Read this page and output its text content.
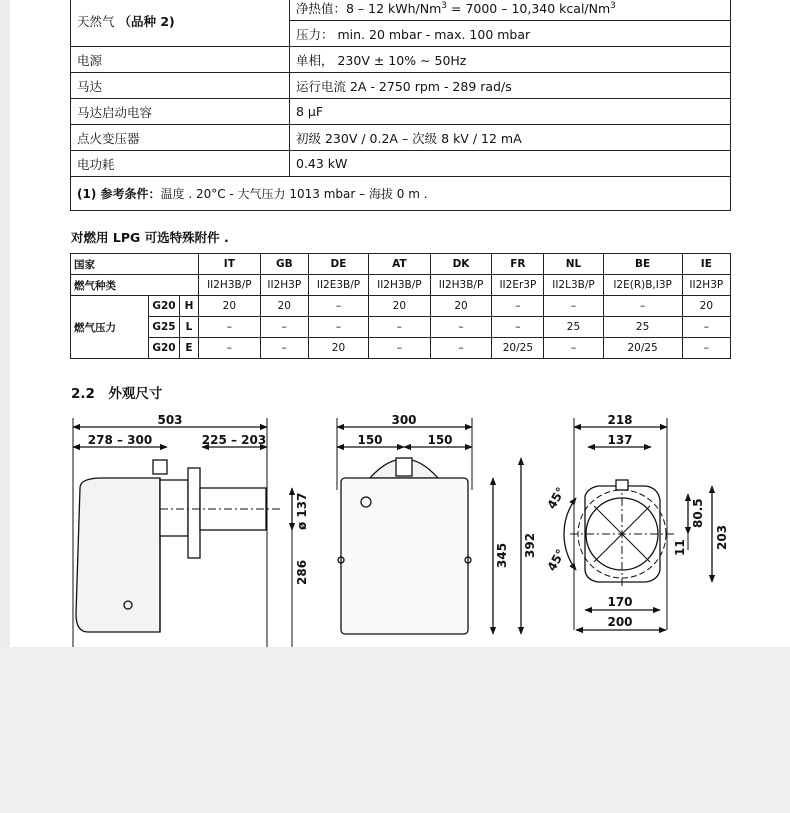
天然气 （品种 2)	净热值：8 – 12 kWh/$Nm^3 = 7000 - 10,340$ kcal/Nm$^3$
	压力： min. 20 mbar - max. 100 mbar
电源	单相， 230V ± 10% ∼ 50Hz
马达	运行电流 2A - 2750 rpm - 289 rad/s
马达启动电容	8 μF
点火变压器	初级 230V / 0.2A – 次级 8 kV / 12 mA
电功耗	0.43 kW
(1) 参考条件：温度 . 20°C - 大气压力 1013 mbar – 海拔 0 m .	
对燃用 LPG 可选特殊附件 .
国家			IT	GB	DE	AT	DK	FR	NL	BE	IE
燃气种类			II2H3B/P	II2H3P	II2E3B/P	II2H3B/P	II2H3B/P	II2Er3P	II2L3B/P	I2E(R)B,I3P	II2H3P
燃气压力	G20	H	20	20	–	20	20	–	–	–	20
	G25	L	–	–	–	–	–	–	25	25	–
	G20	E	–	–	20	–	–	20/25	–	20/25	–
2.2　外观尺寸
503
278 – 300	225 – 203
ø 137
286
300
150	150
345 392
218
137
45°
45°
80.5
11 203
170
200
